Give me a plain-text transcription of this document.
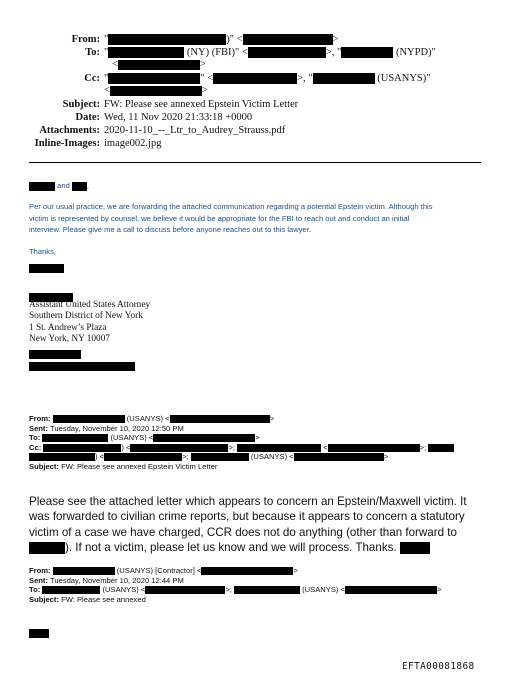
From: "	)" <	>
To: "	(NY) (FBI)" <	>, "	(NYPD)"
<	>
Cc: "	" <	>, "	(USANYS)"
<	>
Subject: FW: Please see annexed Epstein Victim Letter
Date: Wed, 11 Nov 2020 21:33:18 +0000
Attachments: 2020-11-10_--_Ltr_to_Audrey_Strauss.pdf
Inline-Images: image002.jpg
and ,
Per our usual practice, we are forwarding the attached communication regarding a potential Epstein victim. Although this
victim is represented by counsel, we believe it would be appropriate for the FBI to reach out and conduct an initial
interview. Please give me a call to discuss before anyone reaches out to this lawyer.
Thanks,
Assistant United States Attorney
Southern District of New York
1 St. Andrew’s Plaza
New York, NY 10007
From:	(USANYS) <	>
Sent: Tuesday, November 10, 2020 12:50 PM
To:	(USANYS) <	>
Cc:	) <	>;	<	>;
) <	>;	(USANYS) <	>
Subject: FW: Please see annexed Epstein Victim Letter
Please see the attached letter which appears to concern an Epstein/Maxwell victim. It
was forwarded to civilian crime reports, but because it appears to concern a statutory
victim of a case we have charged, CCR does not do anything (other than forward to
). If not a victim, please let us know and we will process. Thanks.
From:	(USANYS) [Contractor] <	>
Sent: Tuesday, November 10, 2020 12:44 PM
To:	(USANYS) <	>;	(USANYS) <	>
Subject: FW: Please see annexed
EFTA00081868
